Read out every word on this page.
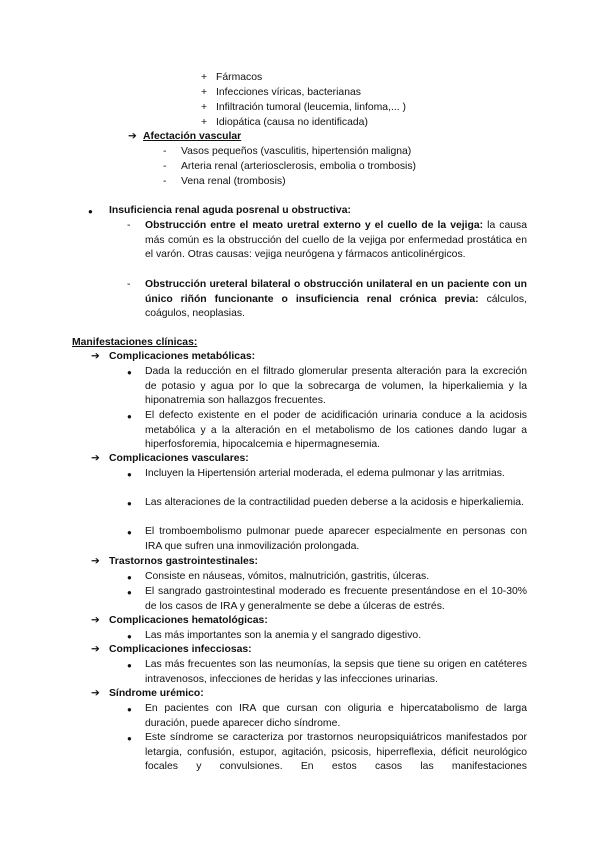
+ Fármacos
+ Infecciones víricas, bacterianas
+ Infiltración tumoral (leucemia, linfoma,... )
+ Idiopática (causa no identificada)
➔ Afectación vascular
- Vasos pequeños (vasculitis, hipertensión maligna)
- Arteria renal (arteriosclerosis, embolia o trombosis)
- Vena renal (trombosis)
● Insuficiencia renal aguda posrenal u obstructiva:
- Obstrucción entre el meato uretral externo y el cuello de la vejiga: la causa más común es la obstrucción del cuello de la vejiga por enfermedad prostática en el varón. Otras causas: vejiga neurógena y fármacos anticolinérgicos.
- Obstrucción ureteral bilateral o obstrucción unilateral en un paciente con un único riñón funcionante o insuficiencia renal crónica previa: cálculos, coágulos, neoplasias.
Manifestaciones clínicas:
➔ Complicaciones metabólicas:
● Dada la reducción en el filtrado glomerular presenta alteración para la excreción de potasio y agua por lo que la sobrecarga de volumen, la hiperkaliemia y la hiponatremia son hallazgos frecuentes.
● El defecto existente en el poder de acidificación urinaria conduce a la acidosis metabólica y a la alteración en el metabolismo de los cationes dando lugar a hiperfosforemia, hipocalcemia e hipermagnesemia.
➔ Complicaciones vasculares:
● Incluyen la Hipertensión arterial moderada, el edema pulmonar y las arritmias.
● Las alteraciones de la contractilidad pueden deberse a la acidosis e hiperkaliemia.
● El tromboembolismo pulmonar puede aparecer especialmente en personas con IRA que sufren una inmovilización prolongada.
➔ Trastornos gastrointestinales:
● Consiste en náuseas, vómitos, malnutrición, gastritis, úlceras.
● El sangrado gastrointestinal moderado es frecuente presentándose en el 10-30% de los casos de IRA y generalmente se debe a úlceras de estrés.
➔ Complicaciones hematológicas:
● Las más importantes son la anemia y el sangrado digestivo.
➔ Complicaciones infecciosas:
● Las más frecuentes son las neumonías, la sepsis que tiene su origen en catéteres intravenosos, infecciones de heridas y las infecciones urinarias.
➔ Síndrome urémico:
● En pacientes con IRA que cursan con oliguria e hipercatabolismo de larga duración, puede aparecer dicho síndrome.
● Este síndrome se caracteriza por trastornos neuropsiquiátricos manifestados por letargia, confusión, estupor, agitación, psicosis, hiperreflexia, déficit neurológico focales y convulsiones. En estos casos las manifestaciones
